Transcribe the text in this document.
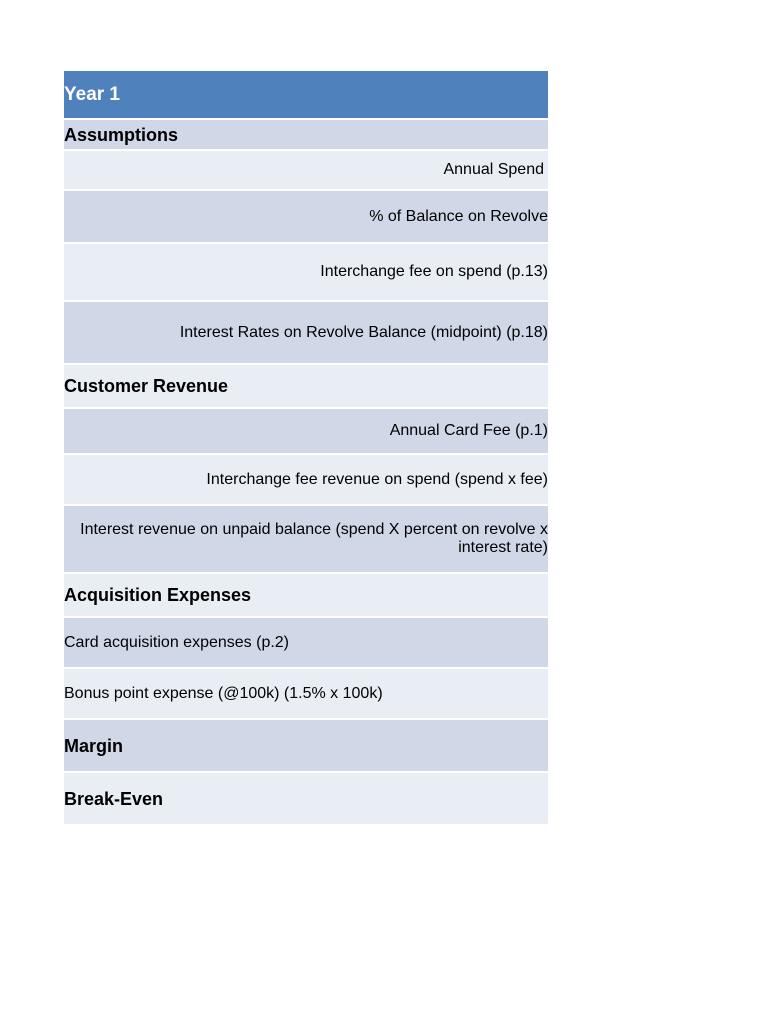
Year 1
Assumptions
Annual Spend
% of Balance on Revolve
Interchange fee on spend (p.13)
Interest Rates on Revolve Balance (midpoint) (p.18)
Customer Revenue
Annual Card Fee (p.1)
Interchange fee revenue on spend (spend x fee)
Interest revenue on unpaid balance (spend X percent on revolve x interest rate)
Acquisition Expenses
Card acquisition expenses (p.2)
Bonus point expense (@100k) (1.5% x 100k)
Margin
Break-Even
